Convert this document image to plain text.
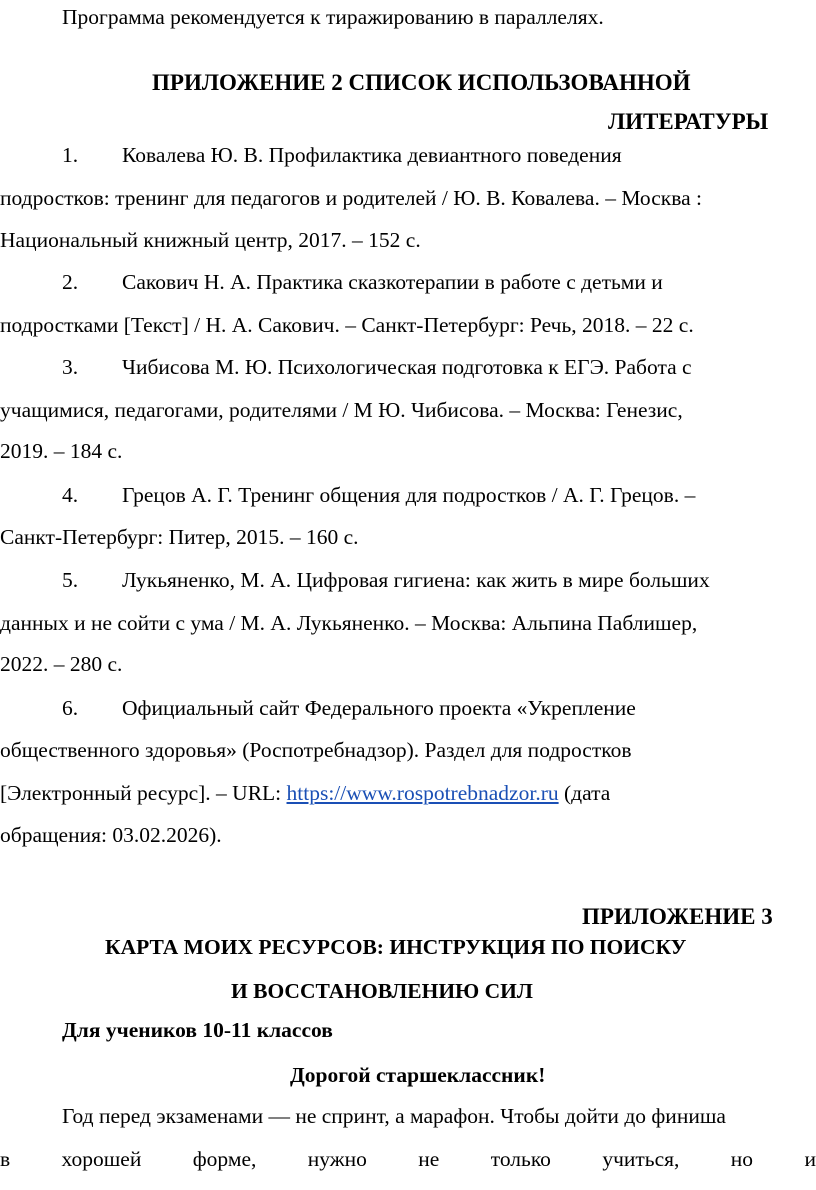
Программа рекомендуется к тиражированию в параллелях.
ПРИЛОЖЕНИЕ 2 СПИСОК ИСПОЛЬЗОВАННОЙ
ЛИТЕРАТУРЫ
1. Ковалева Ю. В. Профилактика девиантного поведения
подростков: тренинг для педагогов и родителей / Ю. В. Ковалева. – Москва :
Национальный книжный центр, 2017. – 152 с.
2. Сакович Н. А. Практика сказкотерапии в работе с детьми и
подростками [Текст] / Н. А. Сакович. – Санкт-Петербург: Речь, 2018. – 22 с.
3. Чибисова М. Ю. Психологическая подготовка к ЕГЭ. Работа с
учащимися, педагогами, родителями / М Ю. Чибисова. – Москва: Генезис,
2019. – 184 с.
4. Грецов А. Г. Тренинг общения для подростков / А. Г. Грецов. –
Санкт-Петербург: Питер, 2015. – 160 с.
5. Лукьяненко, М. А. Цифровая гигиена: как жить в мире больших
данных и не сойти с ума / М. А. Лукьяненко. – Москва: Альпина Паблишер,
2022. – 280 с.
6. Официальный сайт Федерального проекта «Укрепление
общественного здоровья» (Роспотребнадзор). Раздел для подростков
[Электронный ресурс]. – URL: https://www.rospotrebnadzor.ru (дата
обращения: 03.02.2026).
ПРИЛОЖЕНИЕ 3
КАРТА МОИХ РЕСУРСОВ: ИНСТРУКЦИЯ ПО ПОИСКУ
И ВОССТАНОВЛЕНИЮ СИЛ
Для учеников 10-11 классов
Дорогой старшеклассник!
Год перед экзаменами — не спринт, а марафон. Чтобы дойти до финиша
в хорошей форме, нужно не только учиться, но и
